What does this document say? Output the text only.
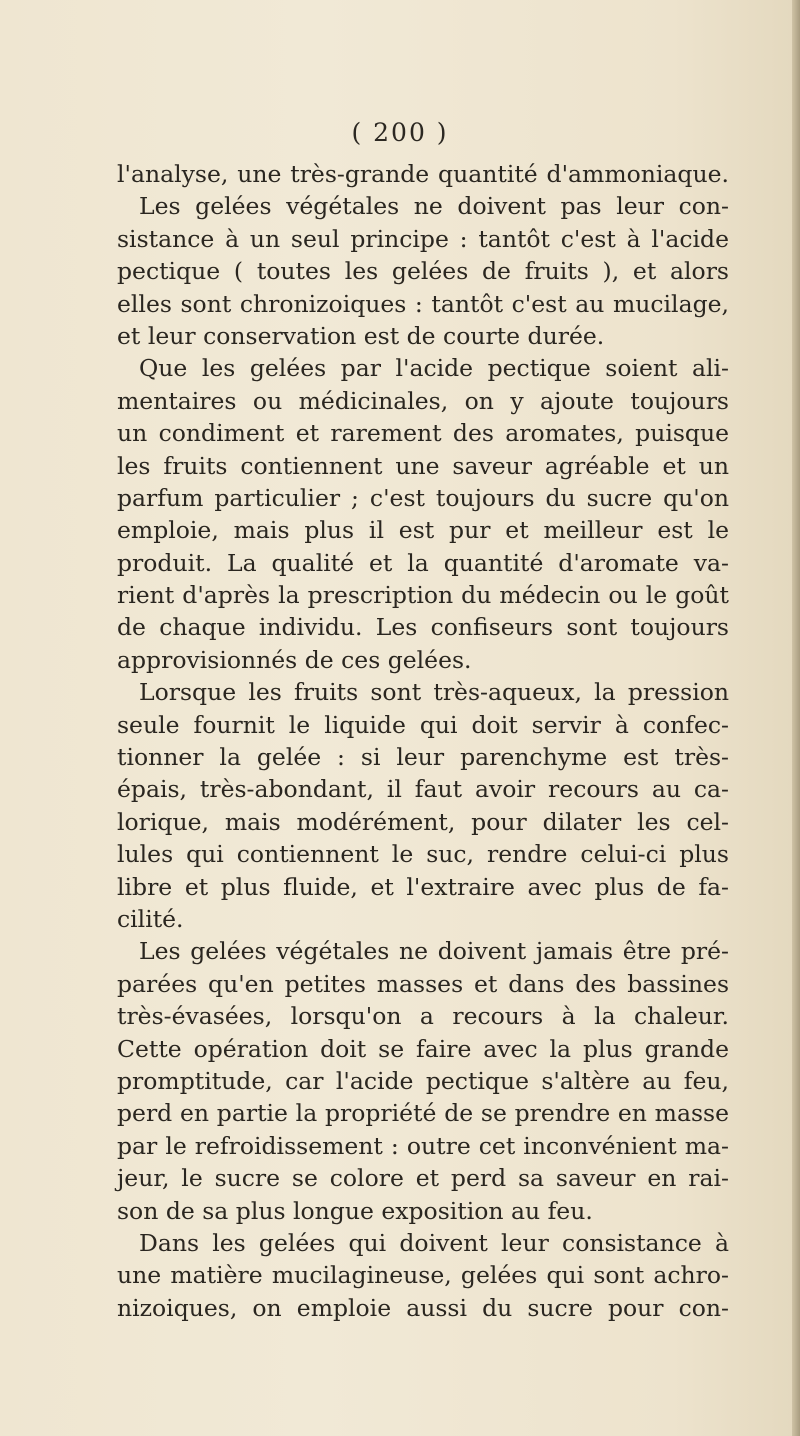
( 200 )
l'analyse, une très-grande quantité d'ammoniaque.
Les gelées végétales ne doivent pas leur con-
sistance à un seul principe : tantôt c'est à l'acide
pectique ( toutes les gelées de fruits ), et alors
elles sont chronizoiques : tantôt c'est au mucilage,
et leur conservation est de courte durée.
Que les gelées par l'acide pectique soient ali-
mentaires ou médicinales, on y ajoute toujours
un condiment et rarement des aromates, puisque
les fruits contiennent une saveur agréable et un
parfum particulier ; c'est toujours du sucre qu'on
emploie, mais plus il est pur et meilleur est le
produit. La qualité et la quantité d'aromate va-
rient d'après la prescription du médecin ou le goût
de chaque individu. Les confiseurs sont toujours
approvisionnés de ces gelées.
Lorsque les fruits sont très-aqueux, la pression
seule fournit le liquide qui doit servir à confec-
tionner la gelée : si leur parenchyme est très-
épais, très-abondant, il faut avoir recours au ca-
lorique, mais modérément, pour dilater les cel-
lules qui contiennent le suc, rendre celui-ci plus
libre et plus fluide, et l'extraire avec plus de fa-
cilité.
Les gelées végétales ne doivent jamais être pré-
parées qu'en petites masses et dans des bassines
très-évasées, lorsqu'on a recours à la chaleur.
Cette opération doit se faire avec la plus grande
promptitude, car l'acide pectique s'altère au feu,
perd en partie la propriété de se prendre en masse
par le refroidissement : outre cet inconvénient ma-
jeur, le sucre se colore et perd sa saveur en rai-
son de sa plus longue exposition au feu.
Dans les gelées qui doivent leur consistance à
une matière mucilagineuse, gelées qui sont achro-
nizoiques, on emploie aussi du sucre pour con-
